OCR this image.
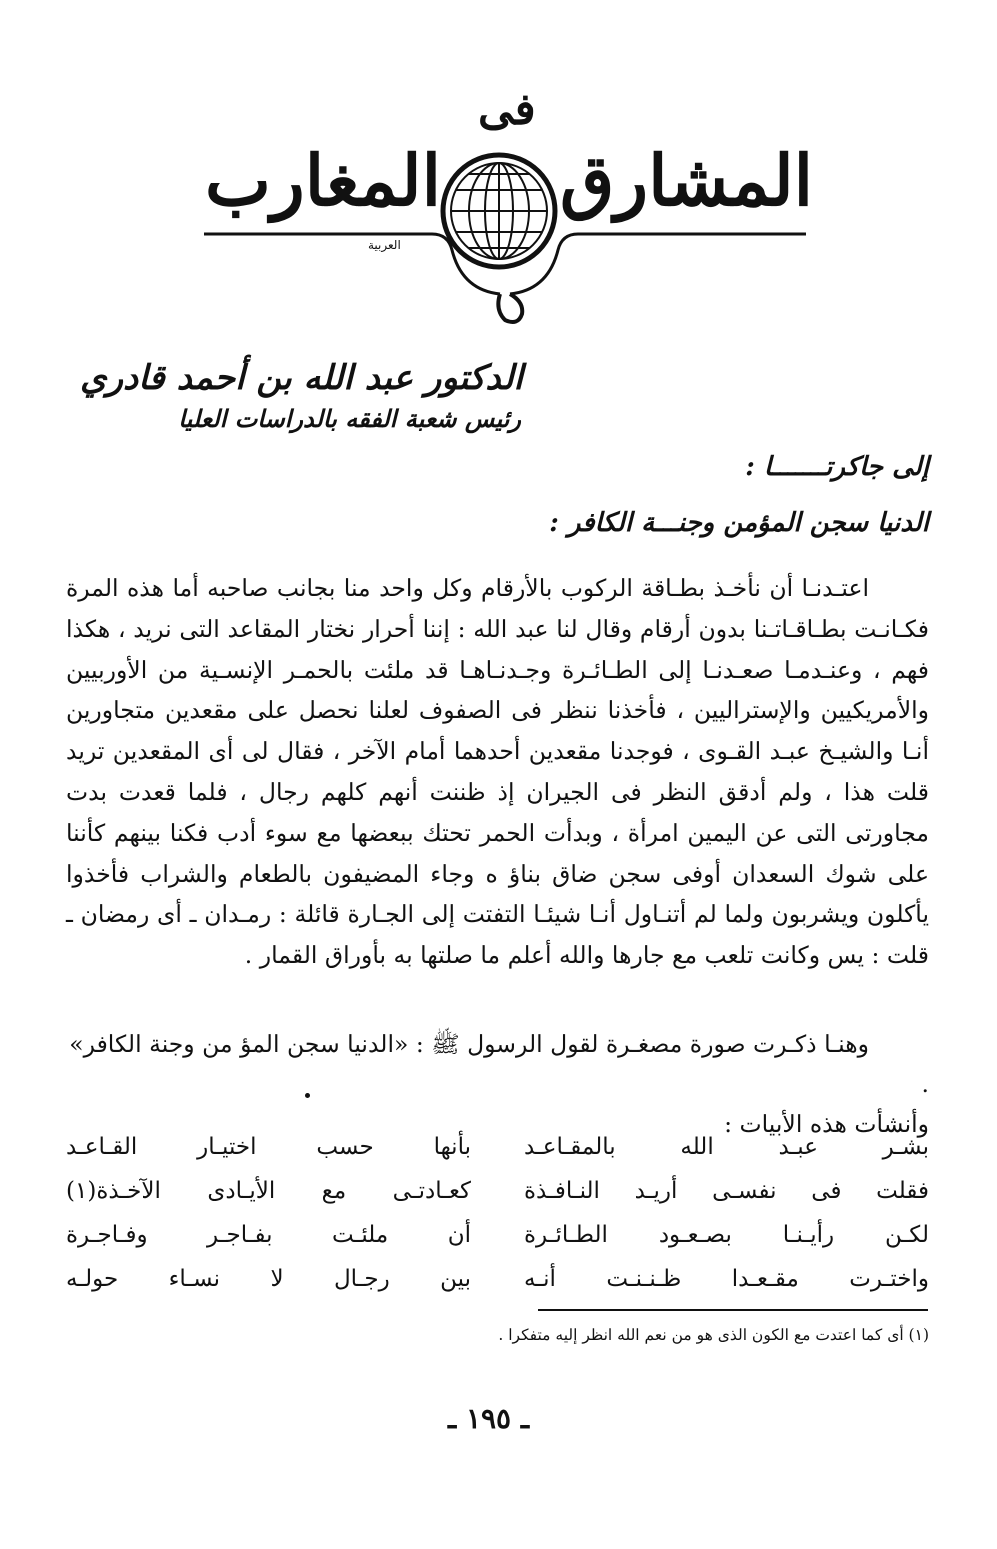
فى
المشارق
المغارب
العربية
الدكتور عبد الله بن أحمد قادري
رئيس شعبة الفقه بالدراسات العليا
إلى جاكرتـــــــا :
الدنيا سجن المؤمن وجنـــة الكافر :

اعتـدنـا أن نأخـذ بطـاقة الركوب بالأرقام وكل واحد منا بجانب صاحبه أما هذه المرة فكـانـت بطـاقـاتـنا بدون أرقام وقال لنا عبد الله : إننا أحرار نختار المقاعد التى نريد ، هكذا فهم ، وعنـدمـا صعـدنـا إلى الطـائـرة وجـدنـاهـا قد ملئت بالحمـر الإنسـية من الأوربيين والأمريكيين والإستراليين ، فأخذنا ننظر فى الصفوف لعلنا نحصل على مقعدين متجاورين أنـا والشيـخ عبـد القـوى ، فوجدنا مقعدين أحدهما أمام الآخر ، فقال لى أى المقعدين تريد قلت هذا ، ولم أدقق النظر فى الجيران إذ ظننت أنهم كلهم رجال ، فلما قعدت بدت مجاورتى التى عن اليمين امرأة ، وبدأت الحمر تحتك ببعضها مع سوء أدب فكنا بينهم كأننا على شوك السعدان أوفى سجن ضاق بناؤ ه وجاء المضيفون بالطعام والشراب فأخذوا يأكلون ويشربون ولما لم أتنـاول أنـا شيئـا التفتت إلى الجـارة قائلة : رمـدان ـ أى رمضان ـ قلت : يس وكانت تلعب مع جارها والله أعلم ما صلتها به بأوراق القمار .

وهنـا ذكـرت صورة مصغـرة لقول الرسول ﷺ : «الدنيا سجن المؤ من وجنة الكافر» .

وأنشأت هذه الأبيات :

بشـر عبـد الله بالمقـاعـد
بأنها حسب اختيـار القـاعـد
فقلت فى نفسـى أريـد النـافـذة
كعـادتـى مع الأيـادى الآخـذة(١)
لكـن رأيـنـا بصـعـود الطـائـرة
أن ملئـت بفـاجـر وفـاجـرة
واختـرت مقـعـدا ظـنـنـت أنـه
بين رجـال لا نسـاء حولـه
(١) أى كما اعتدت مع الكون الذى هو من نعم الله انظر إليه متفكرا .
ـ ١٩٥ ـ
